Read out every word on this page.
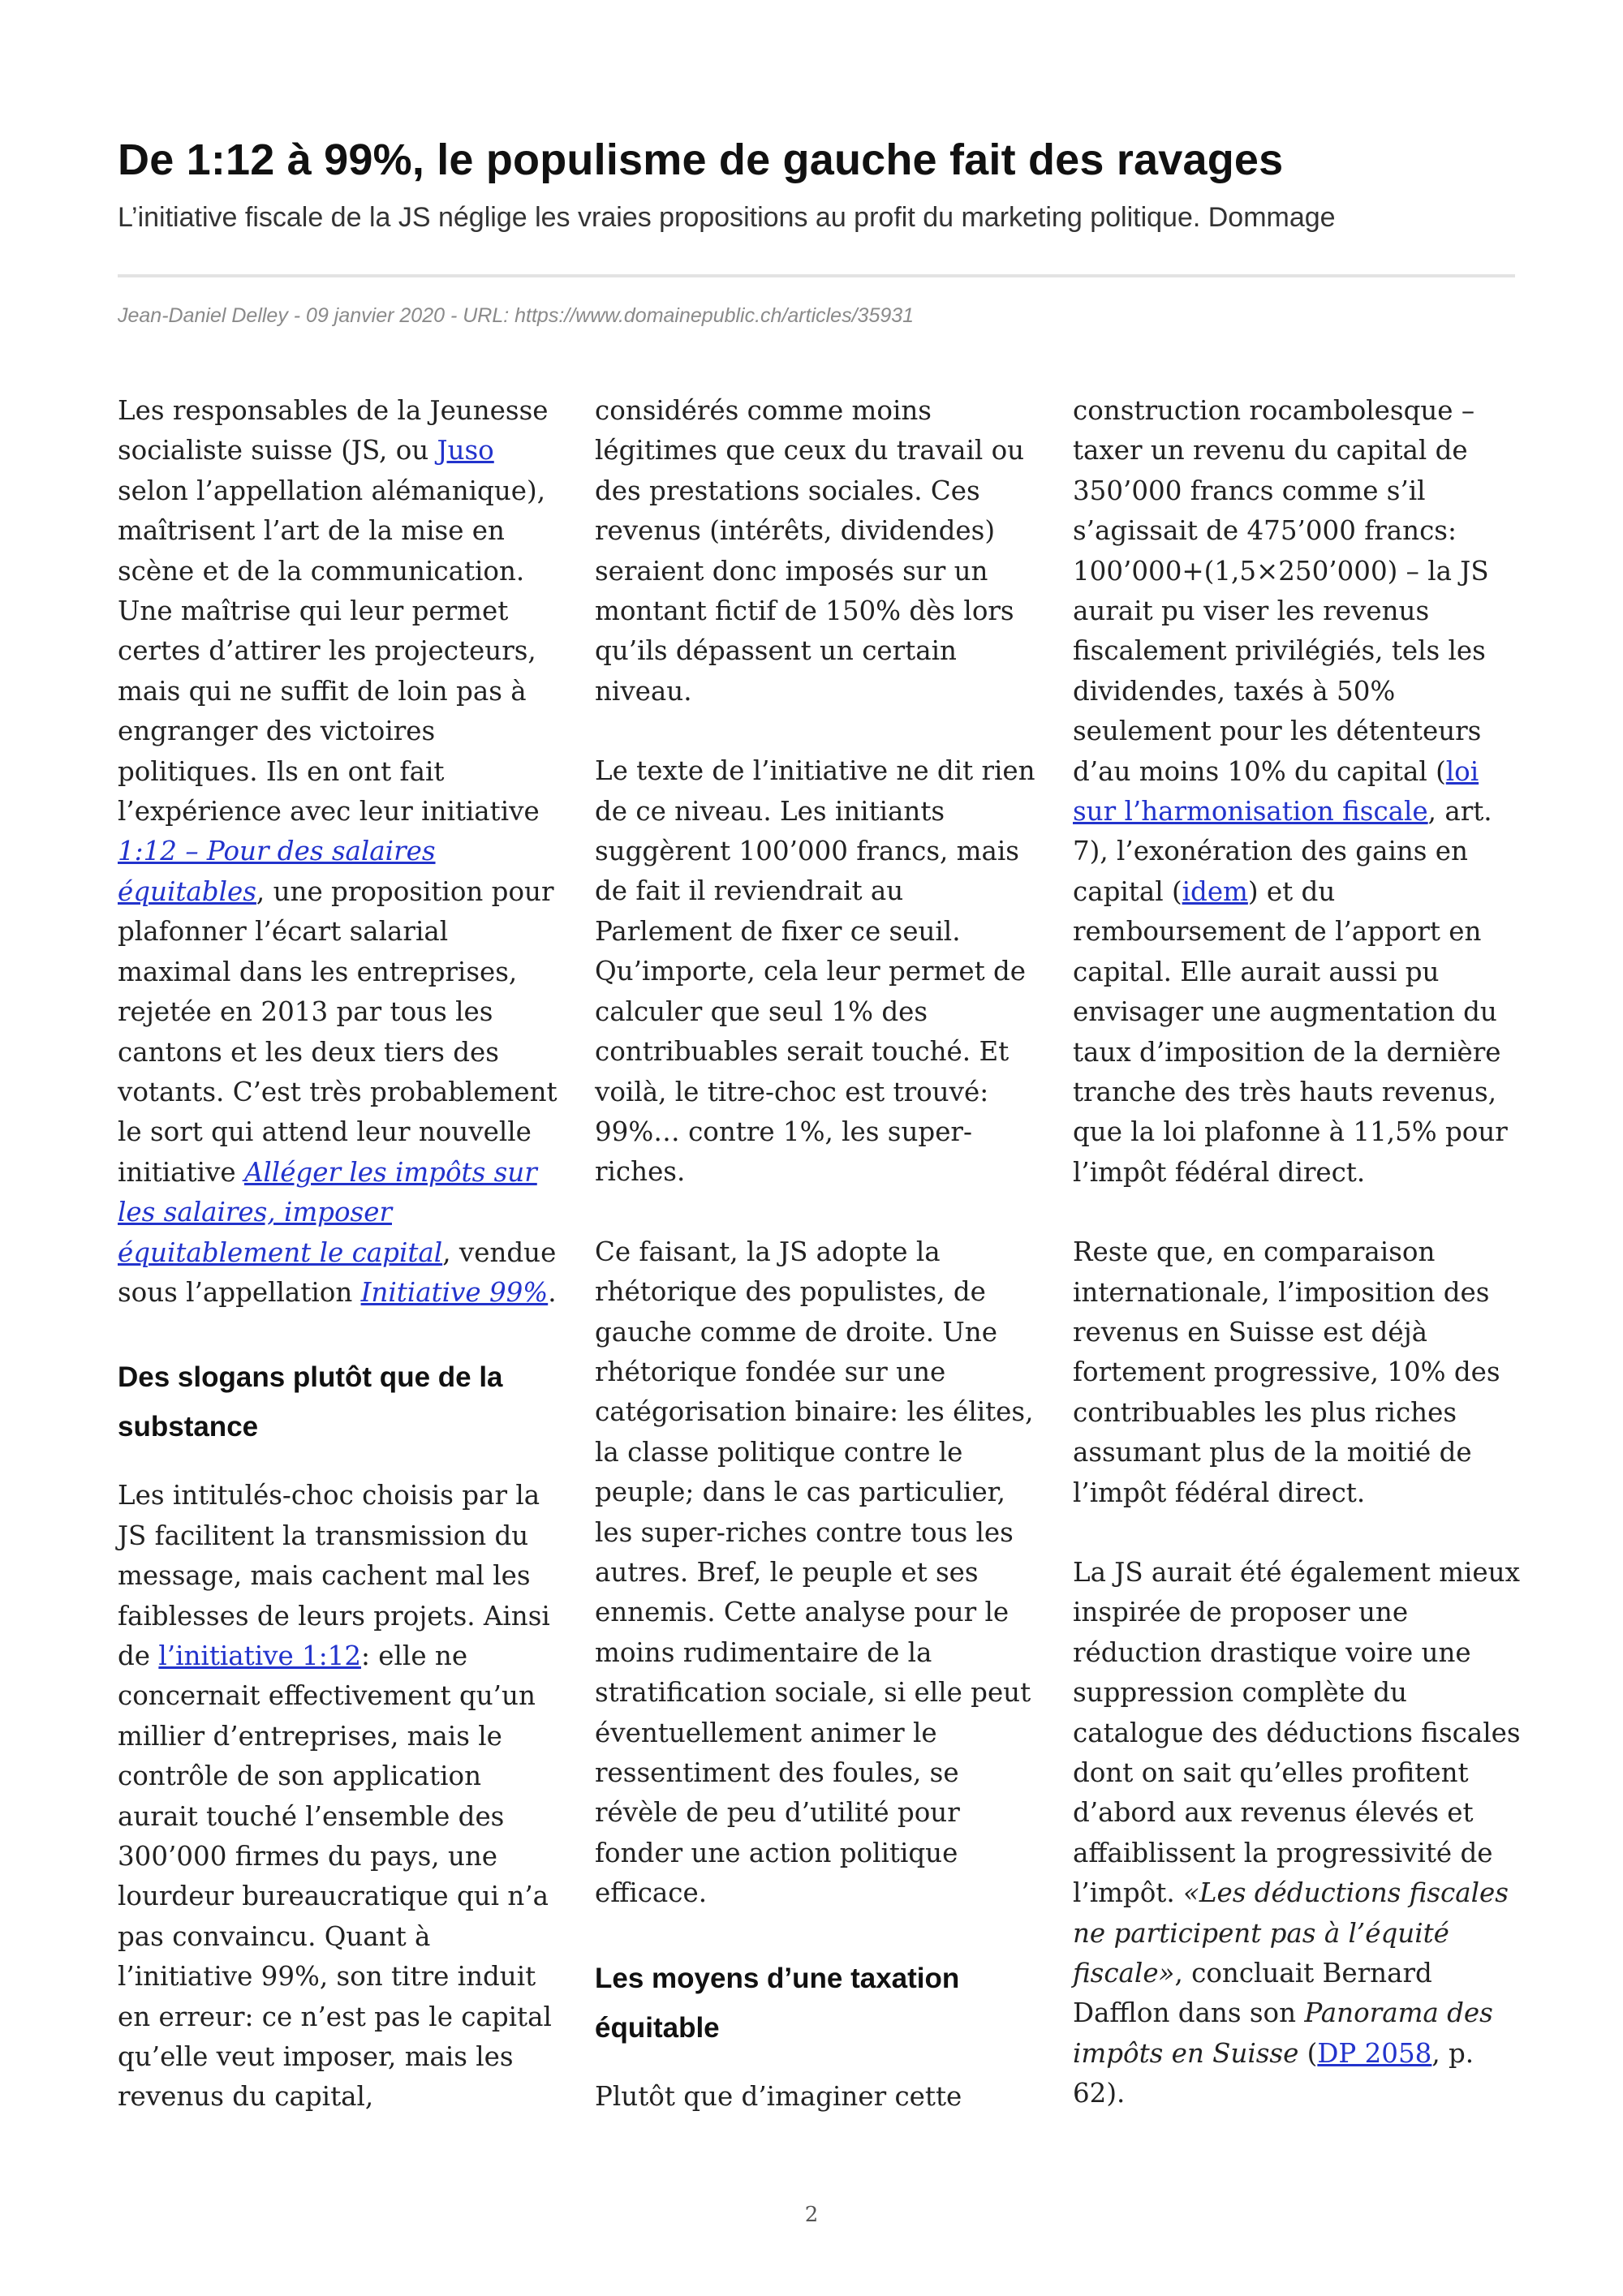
De 1:12 à 99%, le populisme de gauche fait des ravages

L’initiative fiscale de la JS néglige les vraies propositions au profit du marketing politique. Dommage

Jean-Daniel Delley - 09 janvier 2020 - URL: https://www.domainepublic.ch/articles/35931

Les responsables de la Jeunesse socialiste suisse (JS, ou Juso selon l’appellation alémanique), maîtrisent l’art de la mise en scène et de la communication. Une maîtrise qui leur permet certes d’attirer les projecteurs, mais qui ne suffit de loin pas à engranger des victoires politiques. Ils en ont fait l’expérience avec leur initiative 1:12 – Pour des salaires équitables, une proposition pour plafonner l’écart salarial maximal dans les entreprises, rejetée en 2013 par tous les cantons et les deux tiers des votants. C’est très probablement le sort qui attend leur nouvelle initiative Alléger les impôts sur les salaires, imposer équitablement le capital, vendue sous l’appellation Initiative 99%.

Des slogans plutôt que de la substance

Les intitulés-choc choisis par la JS facilitent la transmission du message, mais cachent mal les faiblesses de leurs projets. Ainsi de l’initiative 1:12: elle ne concernait effectivement qu’un millier d’entreprises, mais le contrôle de son application aurait touché l’ensemble des 300’000 firmes du pays, une lourdeur bureaucratique qui n’a pas convaincu. Quant à l’initiative 99%, son titre induit en erreur: ce n’est pas le capital qu’elle veut imposer, mais les revenus du capital,

considérés comme moins légitimes que ceux du travail ou des prestations sociales. Ces revenus (intérêts, dividendes) seraient donc imposés sur un montant fictif de 150% dès lors qu’ils dépassent un certain niveau.

Le texte de l’initiative ne dit rien de ce niveau. Les initiants suggèrent 100’000 francs, mais de fait il reviendrait au Parlement de fixer ce seuil. Qu’importe, cela leur permet de calculer que seul 1% des contribuables serait touché. Et voilà, le titre-choc est trouvé: 99%… contre 1%, les super-riches.

Ce faisant, la JS adopte la rhétorique des populistes, de gauche comme de droite. Une rhétorique fondée sur une catégorisation binaire: les élites, la classe politique contre le peuple; dans le cas particulier, les super-riches contre tous les autres. Bref, le peuple et ses ennemis. Cette analyse pour le moins rudimentaire de la stratification sociale, si elle peut éventuellement animer le ressentiment des foules, se révèle de peu d’utilité pour fonder une action politique efficace.

Les moyens d’une taxation équitable

Plutôt que d’imaginer cette

construction rocambolesque – taxer un revenu du capital de 350’000 francs comme s’il s’agissait de 475’000 francs: 100’000+(1,5×250’000) – la JS aurait pu viser les revenus fiscalement privilégiés, tels les dividendes, taxés à 50% seulement pour les détenteurs d’au moins 10% du capital (loi sur l’harmonisation fiscale, art. 7), l’exonération des gains en capital (idem) et du remboursement de l’apport en capital. Elle aurait aussi pu envisager une augmentation du taux d’imposition de la dernière tranche des très hauts revenus, que la loi plafonne à 11,5% pour l’impôt fédéral direct.

Reste que, en comparaison internationale, l’imposition des revenus en Suisse est déjà fortement progressive, 10% des contribuables les plus riches assumant plus de la moitié de l’impôt fédéral direct.

La JS aurait été également mieux inspirée de proposer une réduction drastique voire une suppression complète du catalogue des déductions fiscales dont on sait qu’elles profitent d’abord aux revenus élevés et affaiblissent la progressivité de l’impôt. «Les déductions fiscales ne participent pas à l’équité fiscale», concluait Bernard Dafflon dans son Panorama des impôts en Suisse (DP 2058, p. 62).

2
